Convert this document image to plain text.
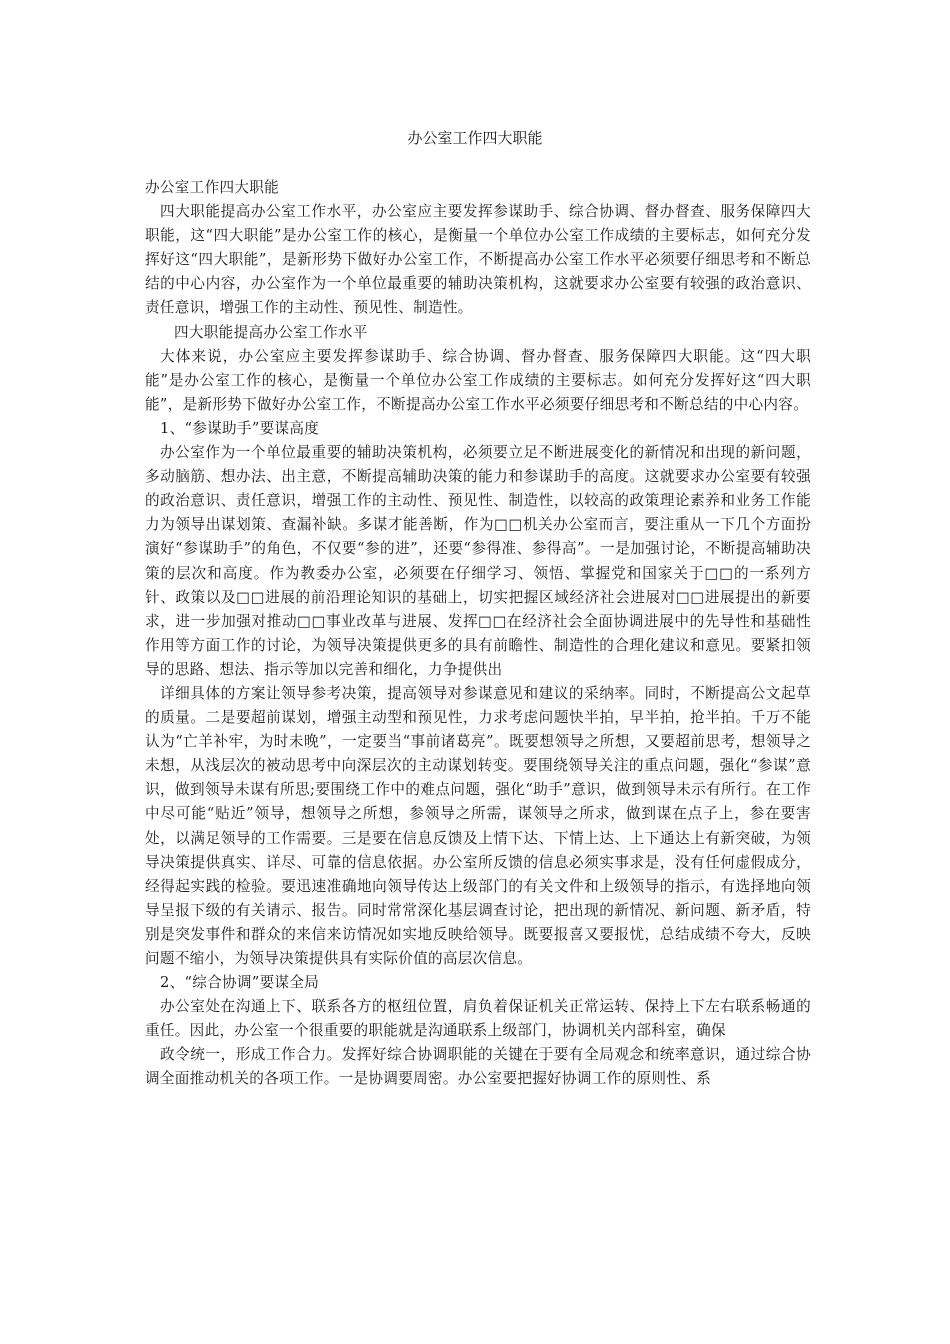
办公室工作四大职能

办公室工作四大职能

四大职能提高办公室工作水平，办公室应主要发挥参谋助手、综合协调、督办督查、服务保障四大职能，这“四大职能”是办公室工作的核心，是衡量一个单位办公室工作成绩的主要标志，如何充分发挥好这“四大职能”，是新形势下做好办公室工作，不断提高办公室工作水平必须要仔细思考和不断总结的中心内容，办公室作为一个单位最重要的辅助决策机构，这就要求办公室要有较强的政治意识、责任意识，增强工作的主动性、预见性、制造性。

四大职能提高办公室工作水平

大体来说，办公室应主要发挥参谋助手、综合协调、督办督查、服务保障四大职能。这“四大职能”是办公室工作的核心，是衡量一个单位办公室工作成绩的主要标志。如何充分发挥好这“四大职能”，是新形势下做好办公室工作，不断提高办公室工作水平必须要仔细思考和不断总结的中心内容。

1、“参谋助手”要谋高度

办公室作为一个单位最重要的辅助决策机构，必须要立足不断进展变化的新情况和出现的新问题，多动脑筋、想办法、出主意，不断提高辅助决策的能力和参谋助手的高度。这就要求办公室要有较强的政治意识、责任意识，增强工作的主动性、预见性、制造性，以较高的政策理论素养和业务工作能力为领导出谋划策、查漏补缺。多谋才能善断，作为□□机关办公室而言，要注重从一下几个方面扮演好“参谋助手”的角色，不仅要“参的进”，还要“参得准、参得高”。一是加强讨论，不断提高辅助决策的层次和高度。作为教委办公室，必须要在仔细学习、领悟、掌握党和国家关于□□的一系列方针、政策以及□□进展的前沿理论知识的基础上，切实把握区域经济社会进展对□□进展提出的新要求，进一步加强对推动□□事业改革与进展、发挥□□在经济社会全面协调进展中的先导性和基础性作用等方面工作的讨论，为领导决策提供更多的具有前瞻性、制造性的合理化建议和意见。要紧扣领导的思路、想法、指示等加以完善和细化，力争提供出

详细具体的方案让领导参考决策，提高领导对参谋意见和建议的采纳率。同时，不断提高公文起草的质量。二是要超前谋划，增强主动型和预见性，力求考虑问题快半拍，早半拍，抢半拍。千万不能认为“亡羊补牢，为时未晚”，一定要当“事前诸葛亮”。既要想领导之所想，又要超前思考，想领导之未想，从浅层次的被动思考中向深层次的主动谋划转变。要围绕领导关注的重点问题，强化“参谋”意识，做到领导未谋有所思;要围绕工作中的难点问题，强化“助手”意识，做到领导未示有所行。在工作中尽可能“贴近”领导，想领导之所想，参领导之所需，谋领导之所求，做到谋在点子上，参在要害处，以满足领导的工作需要。三是要在信息反馈及上情下达、下情上达、上下通达上有新突破，为领导决策提供真实、详尽、可靠的信息依据。办公室所反馈的信息必须实事求是，没有任何虚假成分，经得起实践的检验。要迅速准确地向领导传达上级部门的有关文件和上级领导的指示，有选择地向领导呈报下级的有关请示、报告。同时常常深化基层调查讨论，把出现的新情况、新问题、新矛盾，特别是突发事件和群众的来信来访情况如实地反映给领导。既要报喜又要报忧，总结成绩不夸大，反映问题不缩小，为领导决策提供具有实际价值的高层次信息。

2、“综合协调”要谋全局

办公室处在沟通上下、联系各方的枢纽位置，肩负着保证机关正常运转、保持上下左右联系畅通的重任。因此，办公室一个很重要的职能就是沟通联系上级部门，协调机关内部科室，确保

政令统一，形成工作合力。发挥好综合协调职能的关键在于要有全局观念和统率意识，通过综合协调全面推动机关的各项工作。一是协调要周密。办公室要把握好协调工作的原则性、系
